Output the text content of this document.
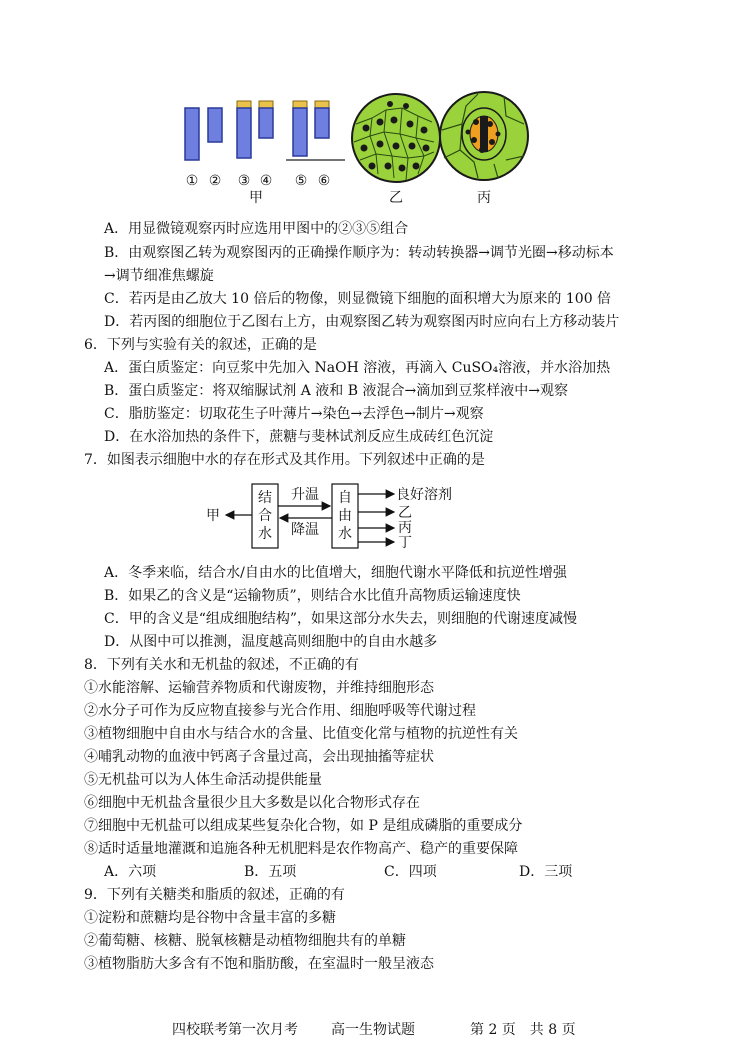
① ② ③ ④ ⑤ ⑥
甲	乙	丙
A．用显微镜观察丙时应选用甲图中的②③⑤组合
B．由观察图乙转为观察图丙的正确操作顺序为：转动转换器→调节光圈→移动标本
→调节细准焦螺旋
C．若丙是由乙放大 10 倍后的物像，则显微镜下细胞的面积增大为原来的 100 倍
D．若丙图的细胞位于乙图右上方，由观察图乙转为观察图丙时应向右上方移动装片
6．下列与实验有关的叙述，正确的是
A．蛋白质鉴定：向豆浆中先加入 NaOH 溶液，再滴入 CuSO₄溶液，并水浴加热
B．蛋白质鉴定：将双缩脲试剂 A 液和 B 液混合→滴加到豆浆样液中→观察
C．脂肪鉴定：切取花生子叶薄片→染色→去浮色→制片→观察
D．在水浴加热的条件下，蔗糖与斐林试剂反应生成砖红色沉淀
7．如图表示细胞中水的存在形式及其作用。下列叙述中正确的是
结
合
水
自
由
水
升温
降温
甲
良好溶剂
乙
丙
丁
A．冬季来临，结合水/自由水的比值增大，细胞代谢水平降低和抗逆性增强
B．如果乙的含义是“运输物质”，则结合水比值升高物质运输速度快
C．甲的含义是“组成细胞结构”，如果这部分水失去，则细胞的代谢速度减慢
D．从图中可以推测，温度越高则细胞中的自由水越多
8．下列有关水和无机盐的叙述，不正确的有
①水能溶解、运输营养物质和代谢废物，并维持细胞形态
②水分子可作为反应物直接参与光合作用、细胞呼吸等代谢过程
③植物细胞中自由水与结合水的含量、比值变化常与植物的抗逆性有关
④哺乳动物的血液中钙离子含量过高，会出现抽搐等症状
⑤无机盐可以为人体生命活动提供能量
⑥细胞中无机盐含量很少且大多数是以化合物形式存在
⑦细胞中无机盐可以组成某些复杂化合物，如 P 是组成磷脂的重要成分
⑧适时适量地灌溉和追施各种无机肥料是农作物高产、稳产的重要保障
A．六项	B．五项	C．四项	D．三项
9．下列有关糖类和脂质的叙述，正确的有
①淀粉和蔗糖均是谷物中含量丰富的多糖
②葡萄糖、核糖、脱氧核糖是动植物细胞共有的单糖
③植物脂肪大多含有不饱和脂肪酸，在室温时一般呈液态
四校联考第一次月考 高一生物试题	第 2 页　共 8 页
